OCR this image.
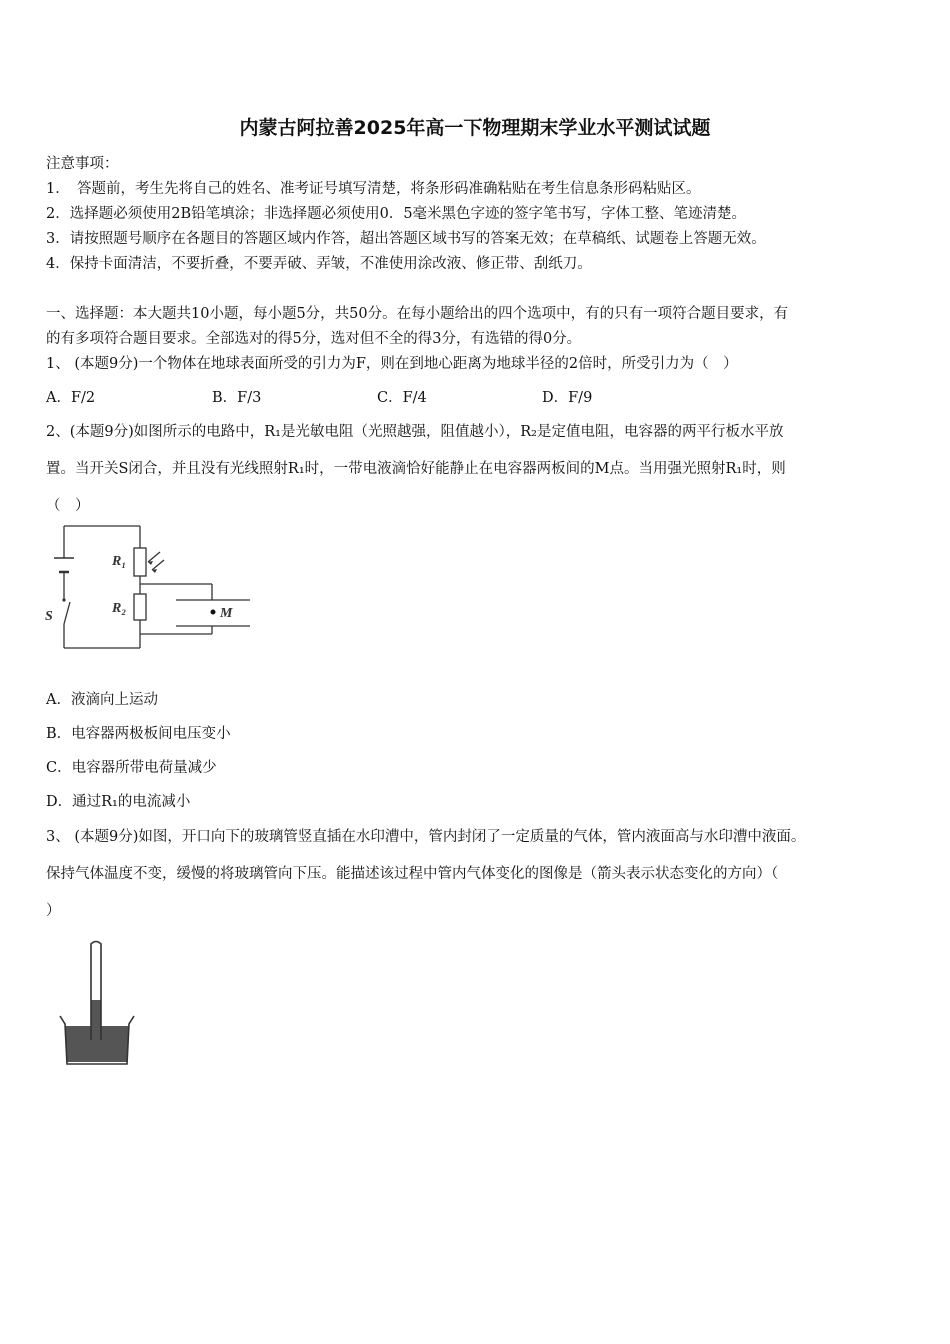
内蒙古阿拉善2025年高一下物理期末学业水平测试试题
注意事项：
1．　答题前，考生先将自己的姓名、准考证号填写清楚，将条形码准确粘贴在考生信息条形码粘贴区。
2．选择题必须使用2B铅笔填涂；非选择题必须使用0．5毫米黑色字迹的签字笔书写，字体工整、笔迹清楚。
3．请按照题号顺序在各题目的答题区域内作答，超出答题区域书写的答案无效；在草稿纸、试题卷上答题无效。
4．保持卡面清洁，不要折叠，不要弄破、弄皱，不准使用涂改液、修正带、刮纸刀。
一、选择题：本大题共10小题，每小题5分，共50分。在每小题给出的四个选项中，有的只有一项符合题目要求，有
的有多项符合题目要求。全部选对的得5分，选对但不全的得3分，有选错的得0分。
1、 (本题9分)一个物体在地球表面所受的引力为F，则在到地心距离为地球半径的2倍时，所受引力为（　）
A．F/2	B．F/3	C．F/4	D．F/9
2、(本题9分)如图所示的电路中，R₁是光敏电阻（光照越强，阻值越小），R₂是定值电阻，电容器的两平行板水平放
置。当开关S闭合，并且没有光线照射R₁时，一带电液滴恰好能静止在电容器两板间的M点。当用强光照射R₁时，则
（　）
R₁
R₂
S	M
A．液滴向上运动
B．电容器两极板间电压变小
C．电容器所带电荷量减少
D．通过R₁的电流减小
3、 (本题9分)如图，开口向下的玻璃管竖直插在水印漕中，管内封闭了一定质量的气体，管内液面高与水印漕中液面。
保持气体温度不变，缓慢的将玻璃管向下压。能描述该过程中管内气体变化的图像是（箭头表示状态变化的方向）（
）
